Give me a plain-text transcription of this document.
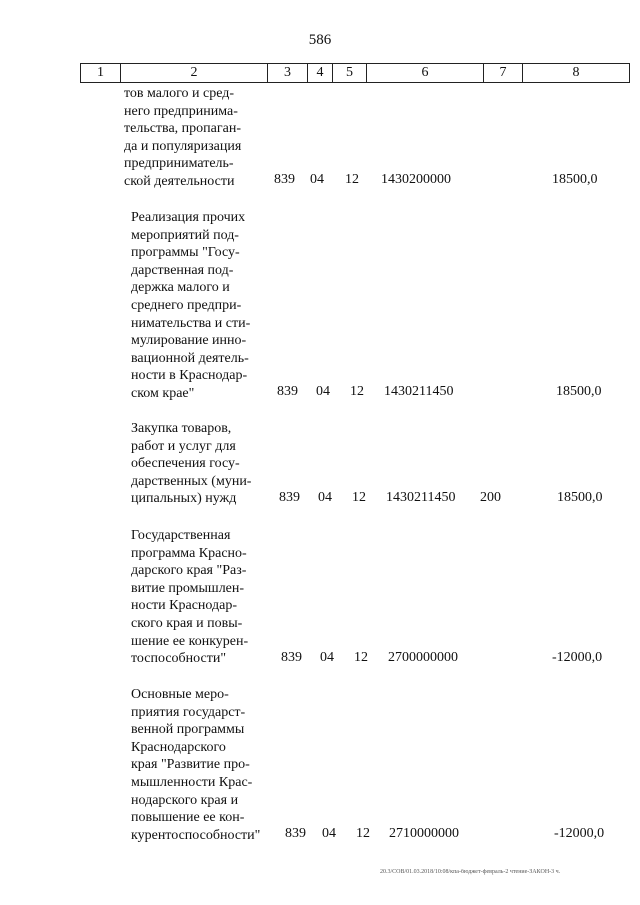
586
1	2	3	4	5	6	7	8
тов малого и сред-
него предпринима-
тельства, пропаган-
да и популяризация
предприниматель-
ской деятельности	839 04 12 1430200000	18500,0
Реализация прочих
мероприятий под-
программы "Госу-
дарственная под-
держка малого и
среднего предпри-
нимательства и сти-
мулирование инно-
вационной деятель-
ности в Краснодар-
ском крае"	839 04 12 1430211450	18500,0
Закупка товаров,
работ и услуг для
обеспечения госу-
дарственных (муни-
ципальных) нужд	839 04 12 1430211450 200	18500,0
Государственная
программа Красно-
дарского края "Раз-
витие промышлен-
ности Краснодар-
ского края и повы-
шение ее конкурен-
тоспособности"	839 04 12 2700000000	-12000,0
Основные меро-
приятия государст-
венной программы
Краснодарского
края "Развитие про-
мышленности Крас-
нодарского края и
повышение ее кон-
курентоспособности"	839 04 12 2710000000	-12000,0
20.3/СОВ/01.03.2018/10:08/кпа-бюджет-февраль-2 чтение-ЗАКОН-3 ч.
